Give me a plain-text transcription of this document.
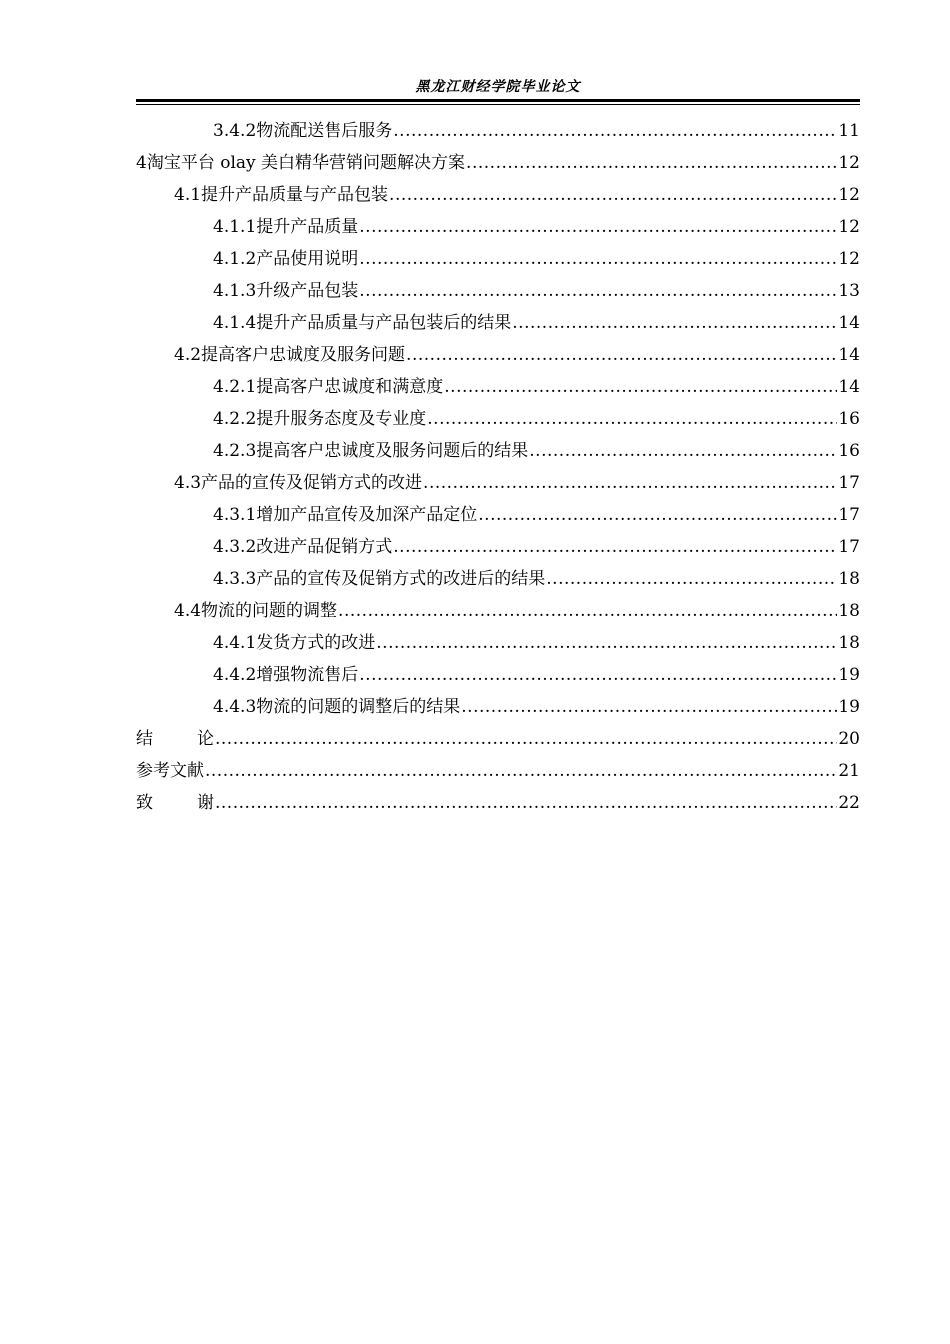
黑龙江财经学院毕业论文
3.4.2 物流配送售后服务 .....	11
4 淘宝平台 olay 美白精华营销问题解决方案 .....	12
4.1 提升产品质量与产品包装 .....	12
4.1.1 提升产品质量 .....	12
4.1.2 产品使用说明 .....	12
4.1.3 升级产品包装 .....	13
4.1.4 提升产品质量与产品包装后的结果 .....	14
4.2 提高客户忠诚度及服务问题 .....	14
4.2.1 提高客户忠诚度和满意度 .....	14
4.2.2 提升服务态度及专业度 .....	16
4.2.3 提高客户忠诚度及服务问题后的结果 .....	16
4.3 产品的宣传及促销方式的改进 .....	17
4.3.1 增加产品宣传及加深产品定位 .....	17
4.3.2 改进产品促销方式 .....	17
4.3.3 产品的宣传及促销方式的改进后的结果 .....	18
4.4 物流的问题的调整 .....	18
4.4.1 发货方式的改进 .....	18
4.4.2 增强物流售后 .....	19
4.4.3 物流的问题的调整后的结果 .....	19
结	论 .....	20
参考文献 .....	21
致	谢 .....	22
